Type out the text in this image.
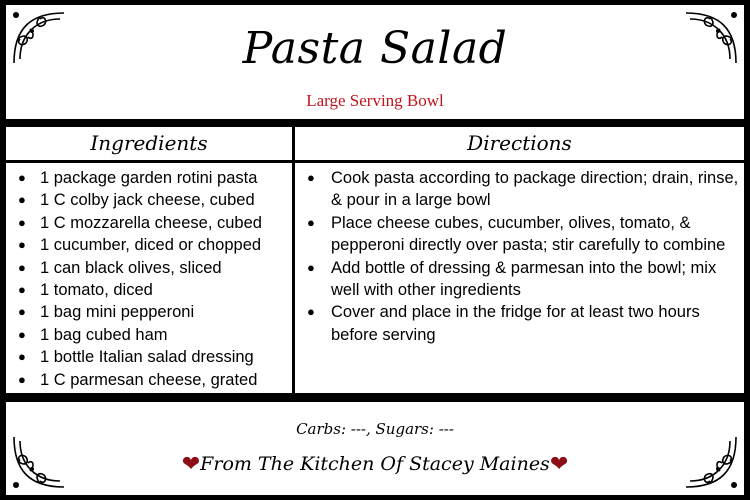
Pasta Salad
Large Serving Bowl
Ingredients	Directions
● 1 package garden rotini pasta
● 1 C colby jack cheese, cubed
● 1 C mozzarella cheese, cubed
● 1 cucumber, diced or chopped
● 1 can black olives, sliced
● 1 tomato, diced
● 1 bag mini pepperoni
● 1 bag cubed ham
● 1 bottle Italian salad dressing
● 1 C parmesan cheese, grated
● Cook pasta according to package direction; drain, rinse, & pour in a large bowl
● Place cheese cubes, cucumber, olives, tomato, & pepperoni directly over pasta; stir carefully to combine
● Add bottle of dressing & parmesan into the bowl; mix well with other ingredients
● Cover and place in the fridge for at least two hours before serving
Carbs: ---, Sugars: ---
❤From The Kitchen Of Stacey Maines❤
